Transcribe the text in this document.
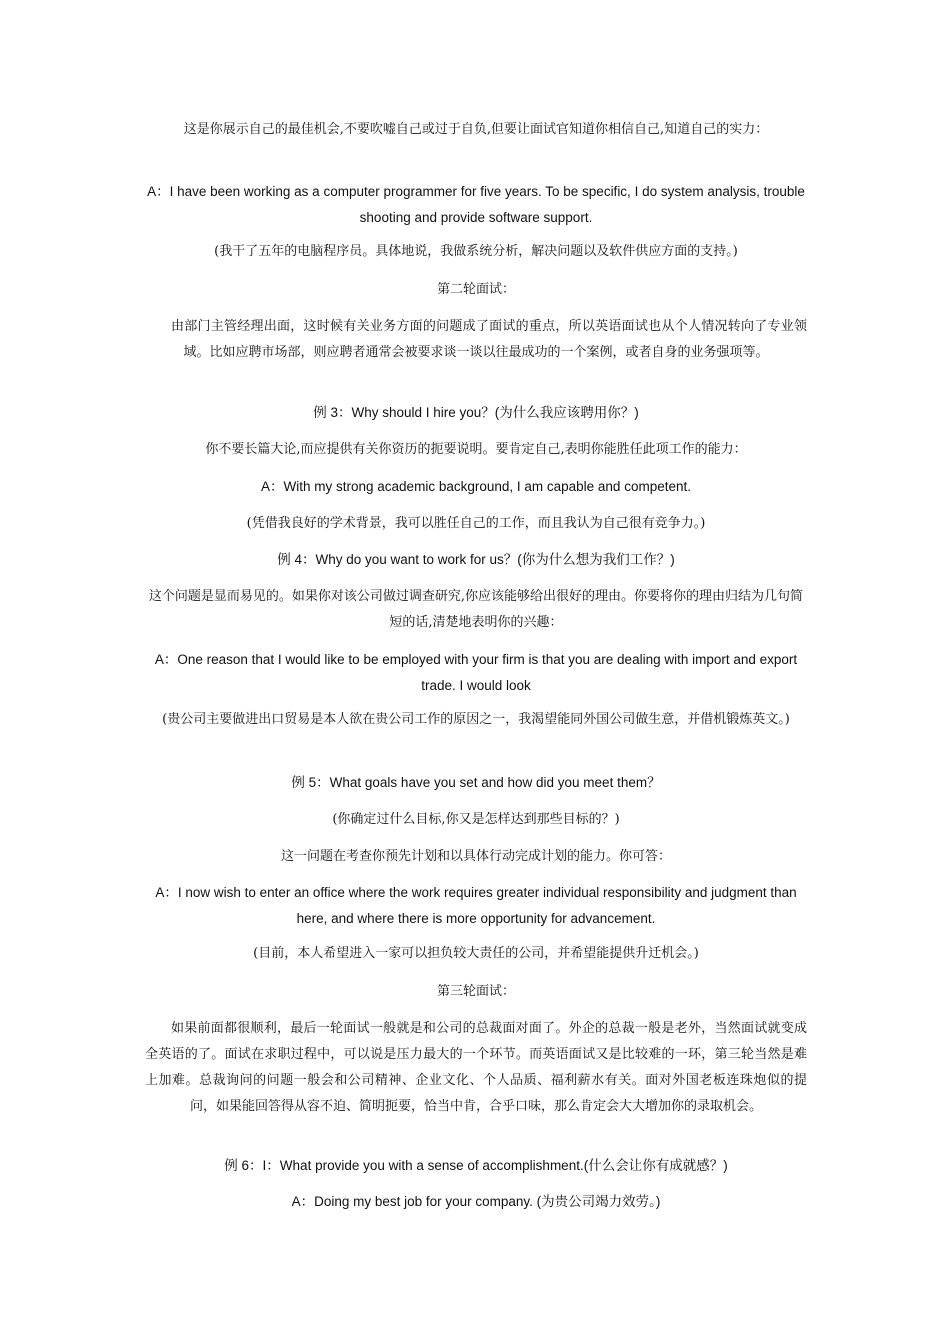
这是你展示自己的最佳机会,不要吹嘘自己或过于自负,但要让面试官知道你相信自己,知道自己的实力：

A：I have been working as a computer programmer for five years. To be specific, I do system analysis, trouble shooting and provide software support.

(我干了五年的电脑程序员。具体地说，我做系统分析，解决问题以及软件供应方面的支持。)

第二轮面试：

由部门主管经理出面，这时候有关业务方面的问题成了面试的重点，所以英语面试也从个人情况转向了专业领域。比如应聘市场部，则应聘者通常会被要求谈一谈以往最成功的一个案例，或者自身的业务强项等。

例 3：Why should I hire you？(为什么我应该聘用你？)

你不要长篇大论,而应提供有关你资历的扼要说明。要肯定自己,表明你能胜任此项工作的能力：

A：With my strong academic background, I am capable and competent.

(凭借我良好的学术背景，我可以胜任自己的工作，而且我认为自己很有竞争力。)

例 4：Why do you want to work for us？(你为什么想为我们工作？)

这个问题是显而易见的。如果你对该公司做过调查研究,你应该能够给出很好的理由。你要将你的理由归结为几句简短的话,清楚地表明你的兴趣：

A：One reason that I would like to be employed with your firm is that you are dealing with import and export trade. I would look

(贵公司主要做进出口贸易是本人欲在贵公司工作的原因之一，我渴望能同外国公司做生意，并借机锻炼英文。)

例 5：What goals have you set and how did you meet them？

(你确定过什么目标,你又是怎样达到那些目标的？)

这一问题在考查你预先计划和以具体行动完成计划的能力。你可答：

A：I now wish to enter an office where the work requires greater individual responsibility and judgment than here, and where there is more opportunity for advancement.

(目前，本人希望进入一家可以担负较大责任的公司，并希望能提供升迁机会。)

第三轮面试：

如果前面都很顺利，最后一轮面试一般就是和公司的总裁面对面了。外企的总裁一般是老外，当然面试就变成全英语的了。面试在求职过程中，可以说是压力最大的一个环节。而英语面试又是比较难的一环，第三轮当然是难上加难。总裁询问的问题一般会和公司精神、企业文化、个人品质、福利薪水有关。面对外国老板连珠炮似的提问，如果能回答得从容不迫、简明扼要，恰当中肯，合乎口味，那么肯定会大大增加你的录取机会。

例 6：I：What provide you with a sense of accomplishment.(什么会让你有成就感？)

A：Doing my best job for your company. (为贵公司竭力效劳。)
